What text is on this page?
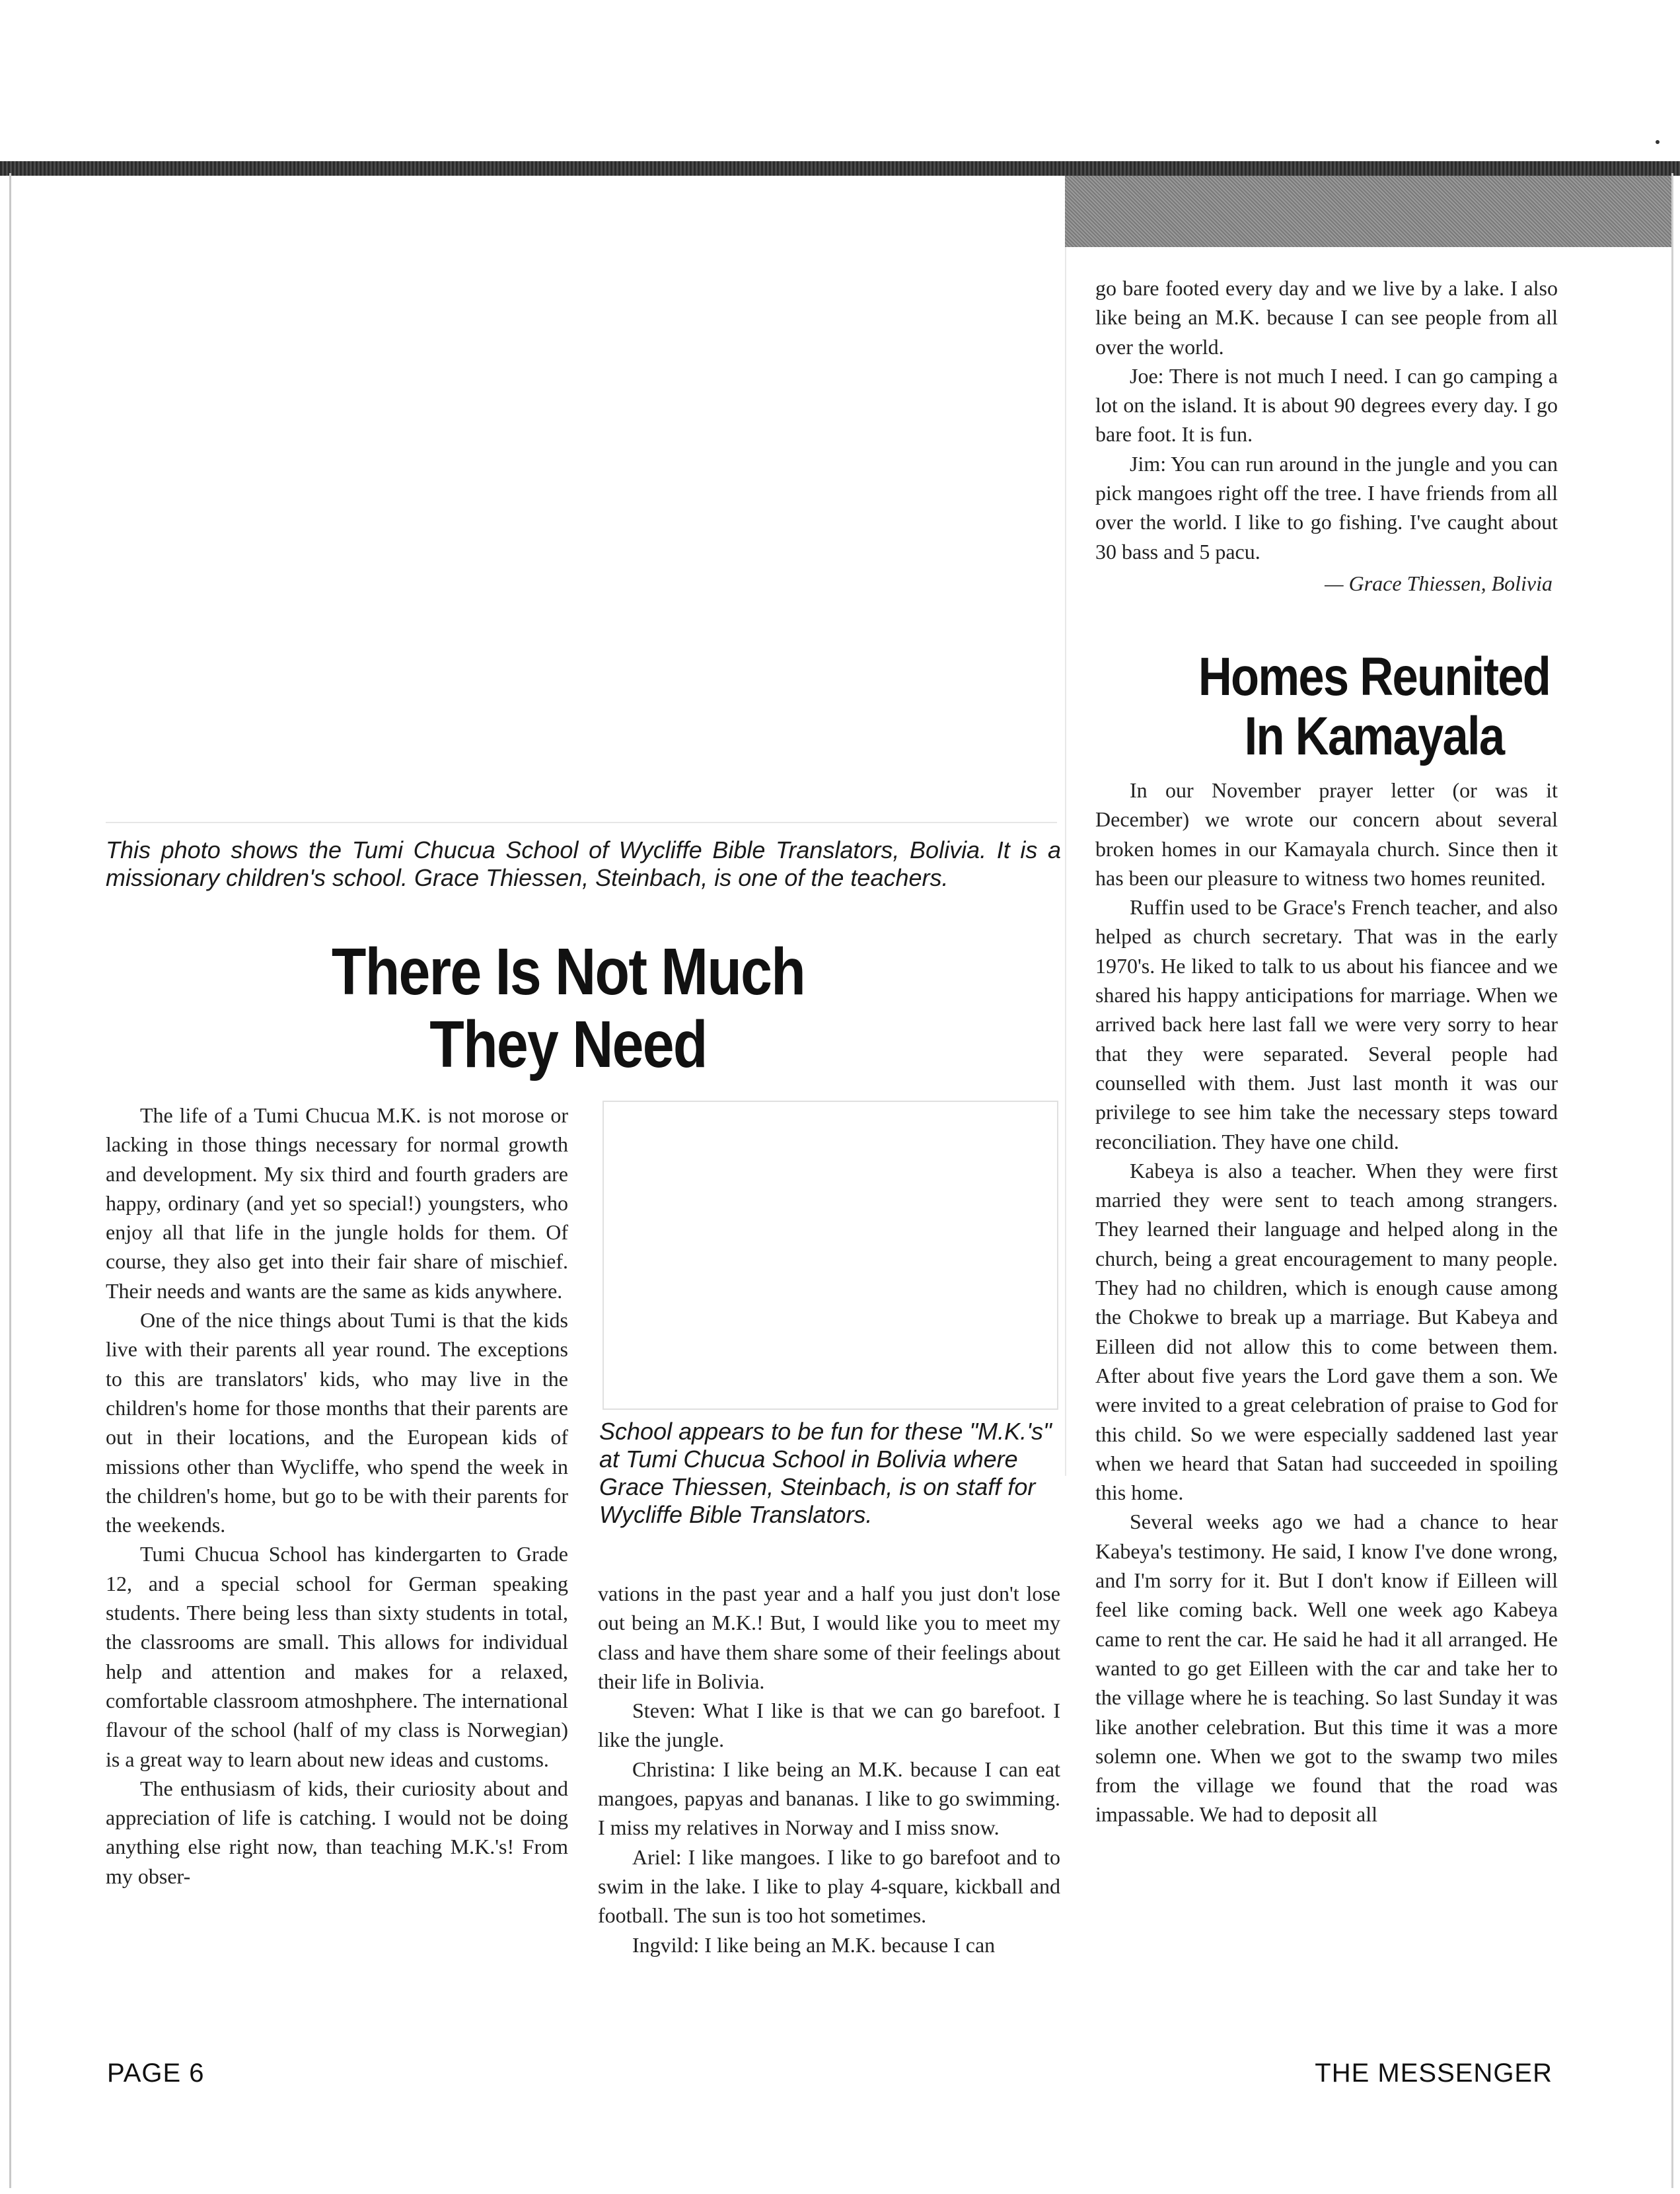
This photo shows the Tumi Chucua School of Wycliffe Bible Translators, Bolivia. It is a missionary children's school. Grace Thiessen, Steinbach, is one of the teachers.
There Is Not Much
They Need

The life of a Tumi Chucua M.K. is not morose or lacking in those things necessary for normal growth and development. My six third and fourth graders are happy, ordinary (and yet so special!) youngsters, who enjoy all that life in the jungle holds for them. Of course, they also get into their fair share of mischief. Their needs and wants are the same as kids anywhere.

One of the nice things about Tumi is that the kids live with their parents all year round. The exceptions to this are translators' kids, who may live in the children's home for those months that their parents are out in their locations, and the European kids of missions other than Wycliffe, who spend the week in the children's home, but go to be with their parents for the weekends.

Tumi Chucua School has kindergarten to Grade 12, and a special school for German speaking students. There being less than sixty students in total, the classrooms are small. This allows for individual help and attention and makes for a relaxed, comfortable classroom atmoshphere. The international flavour of the school (half of my class is Norwegian) is a great way to learn about new ideas and customs.

The enthusiasm of kids, their curiosity about and appreciation of life is catching. I would not be doing anything else right now, than teaching M.K.'s! From my obser-

School appears to be fun for these "M.K.'s" at Tumi Chucua School in Bolivia where Grace Thiessen, Steinbach, is on staff for Wycliffe Bible Translators.

vations in the past year and a half you just don't lose out being an M.K.! But, I would like you to meet my class and have them share some of their feelings about their life in Bolivia.

Steven: What I like is that we can go barefoot. I like the jungle.

Christina: I like being an M.K. because I can eat mangoes, papyas and bananas. I like to go swimming. I miss my relatives in Norway and I miss snow.

Ariel: I like mangoes. I like to go barefoot and to swim in the lake. I like to play 4-square, kickball and football. The sun is too hot sometimes.

Ingvild: I like being an M.K. because I can

go bare footed every day and we live by a lake. I also like being an M.K. because I can see people from all over the world.

Joe: There is not much I need. I can go camping a lot on the island. It is about 90 degrees every day. I go bare foot. It is fun.

Jim: You can run around in the jungle and you can pick mangoes right off the tree. I have friends from all over the world. I like to go fishing. I've caught about 30 bass and 5 pacu.

— Grace Thiessen, Bolivia
Homes Reunited
In Kamayala

In our November prayer letter (or was it December) we wrote our concern about several broken homes in our Kamayala church. Since then it has been our pleasure to witness two homes reunited.

Ruffin used to be Grace's French teacher, and also helped as church secretary. That was in the early 1970's. He liked to talk to us about his fiancee and we shared his happy anticipations for marriage. When we arrived back here last fall we were very sorry to hear that they were separated. Several people had counselled with them. Just last month it was our privilege to see him take the necessary steps toward reconciliation. They have one child.

Kabeya is also a teacher. When they were first married they were sent to teach among strangers. They learned their language and helped along in the church, being a great encouragement to many people. They had no children, which is enough cause among the Chokwe to break up a marriage. But Kabeya and Eilleen did not allow this to come between them. After about five years the Lord gave them a son. We were invited to a great celebration of praise to God for this child. So we were especially saddened last year when we heard that Satan had succeeded in spoiling this home.

Several weeks ago we had a chance to hear Kabeya's testimony. He said, I know I've done wrong, and I'm sorry for it. But I don't know if Eilleen will feel like coming back. Well one week ago Kabeya came to rent the car. He said he had it all arranged. He wanted to go get Eilleen with the car and take her to the village where he is teaching. So last Sunday it was like another celebration. But this time it was a more solemn one. When we got to the swamp two miles from the village we found that the road was impassable. We had to deposit all

PAGE 6	THE MESSENGER
